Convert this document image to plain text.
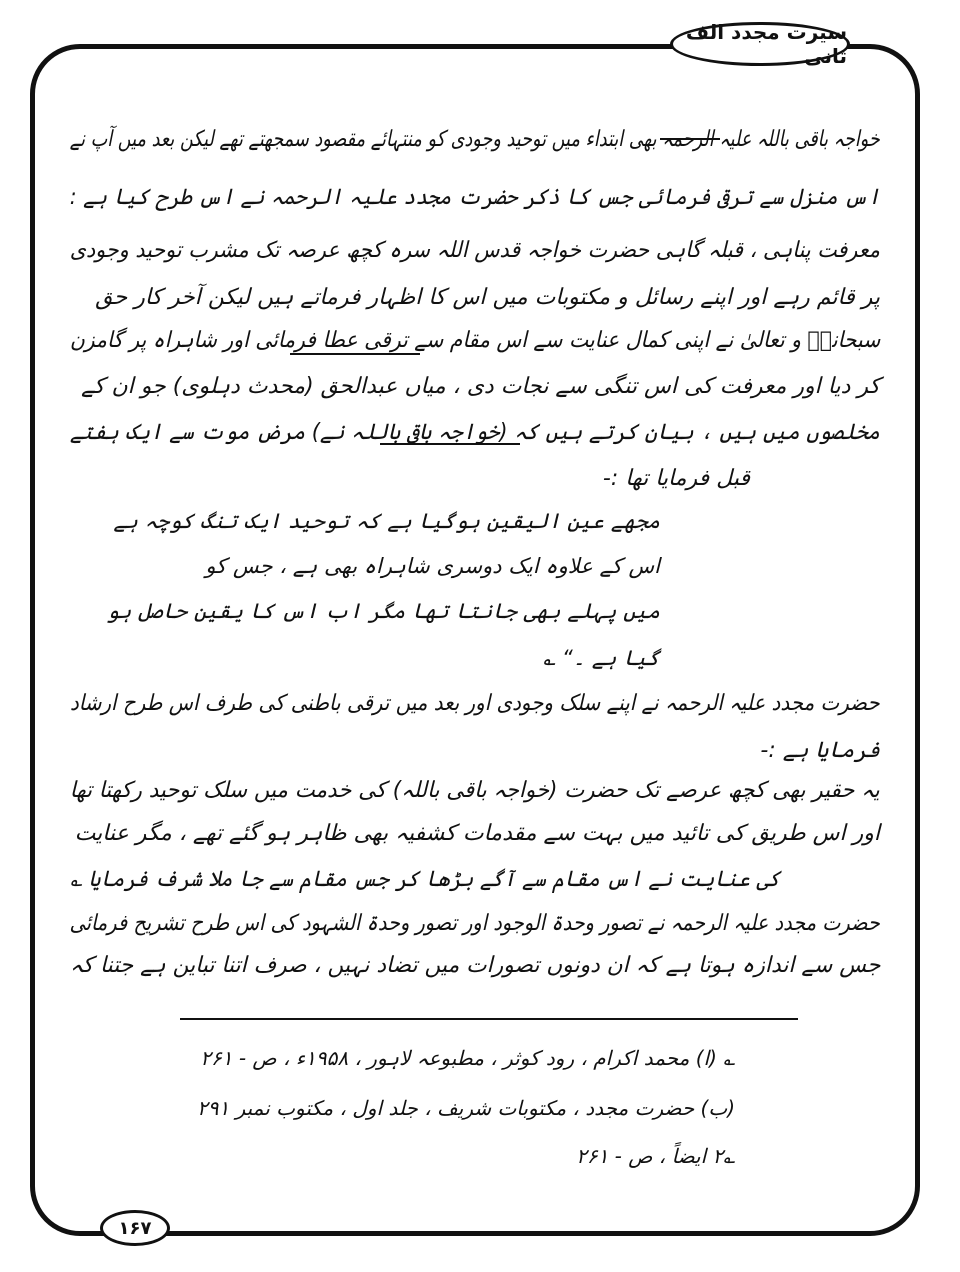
سیرت مجدد الف ثانی
خواجہ باقی باللہ علیہ الرحمہ بھی ابتداء میں توحید وجودی کو منتہائے مقصود سمجھتے تھے لیکن بعد میں آپ نے
اس منزل سے ترقی فرمائی جس کا ذکر حضرت مجدد علیہ الرحمہ نے اس طرح کیا ہے :
معرفت پناہی ، قبلہ گاہی حضرت خواجہ قدس اللہ سرہ کچھ عرصہ تک مشرب توحید وجودی
پر قائم رہے اور اپنے رسائل و مکتوبات میں اس کا اظہار فرماتے ہیں لیکن آخر کار حق
سبحانہٗ و تعالیٰ نے اپنی کمال عنایت سے اس مقام سے ترقی عطا فرمائی اور شاہراہ پر گامزن
کر دیا اور معرفت کی اس تنگی سے نجات دی ، میاں عبدالحق (محدث دہلوی) جو ان کے
مخلصوں میں ہیں ، بیان کرتے ہیں کہ (خواجہ باقی باللہ نے) مرض موت سے ایک ہفتے
قبل فرمایا تھا :-
مجھے عین الیقین ہوگیا ہے کہ توحید ایک تنگ کوچہ ہے
اس کے علاوہ ایک دوسری شاہراہ بھی ہے ، جس کو
میں پہلے بھی جانتا تھا مگر اب اس کا یقین حاصل ہو
گیا ہے ۔“ ؎
حضرت مجدد علیہ الرحمہ نے اپنے سلک وجودی اور بعد میں ترقی باطنی کی طرف اس طرح ارشاد
فرمایا ہے :-
یہ حقیر بھی کچھ عرصے تک حضرت (خواجہ باقی باللہ) کی خدمت میں سلک توحید رکھتا تھا
اور اس طریق کی تائید میں بہت سے مقدمات کشفیہ بھی ظاہر ہو گئے تھے ، مگر عنایت
کی عنایت نے اس مقام سے آگے بڑھا کر جس مقام سے جا ملا شرف فرمایا ؎
حضرت مجدد علیہ الرحمہ نے تصور وحدۃ الوجود اور تصور وحدۃ الشہود کی اس طرح تشریح فرمائی
جس سے اندازہ ہوتا ہے کہ ان دونوں تصورات میں تضاد نہیں ، صرف اتنا تباین ہے جتنا کہ
؎ (ا) محمد اکرام ، رود کوثر ، مطبوعہ لاہور ، ۱۹۵۸ء ، ص - ۲۶۱
(ب) حضرت مجدد ، مکتوبات شریف ، جلد اول ، مکتوب نمبر ۲۹۱
؎۲ ایضاً ، ص - ۲۶۱
۱۶۷
